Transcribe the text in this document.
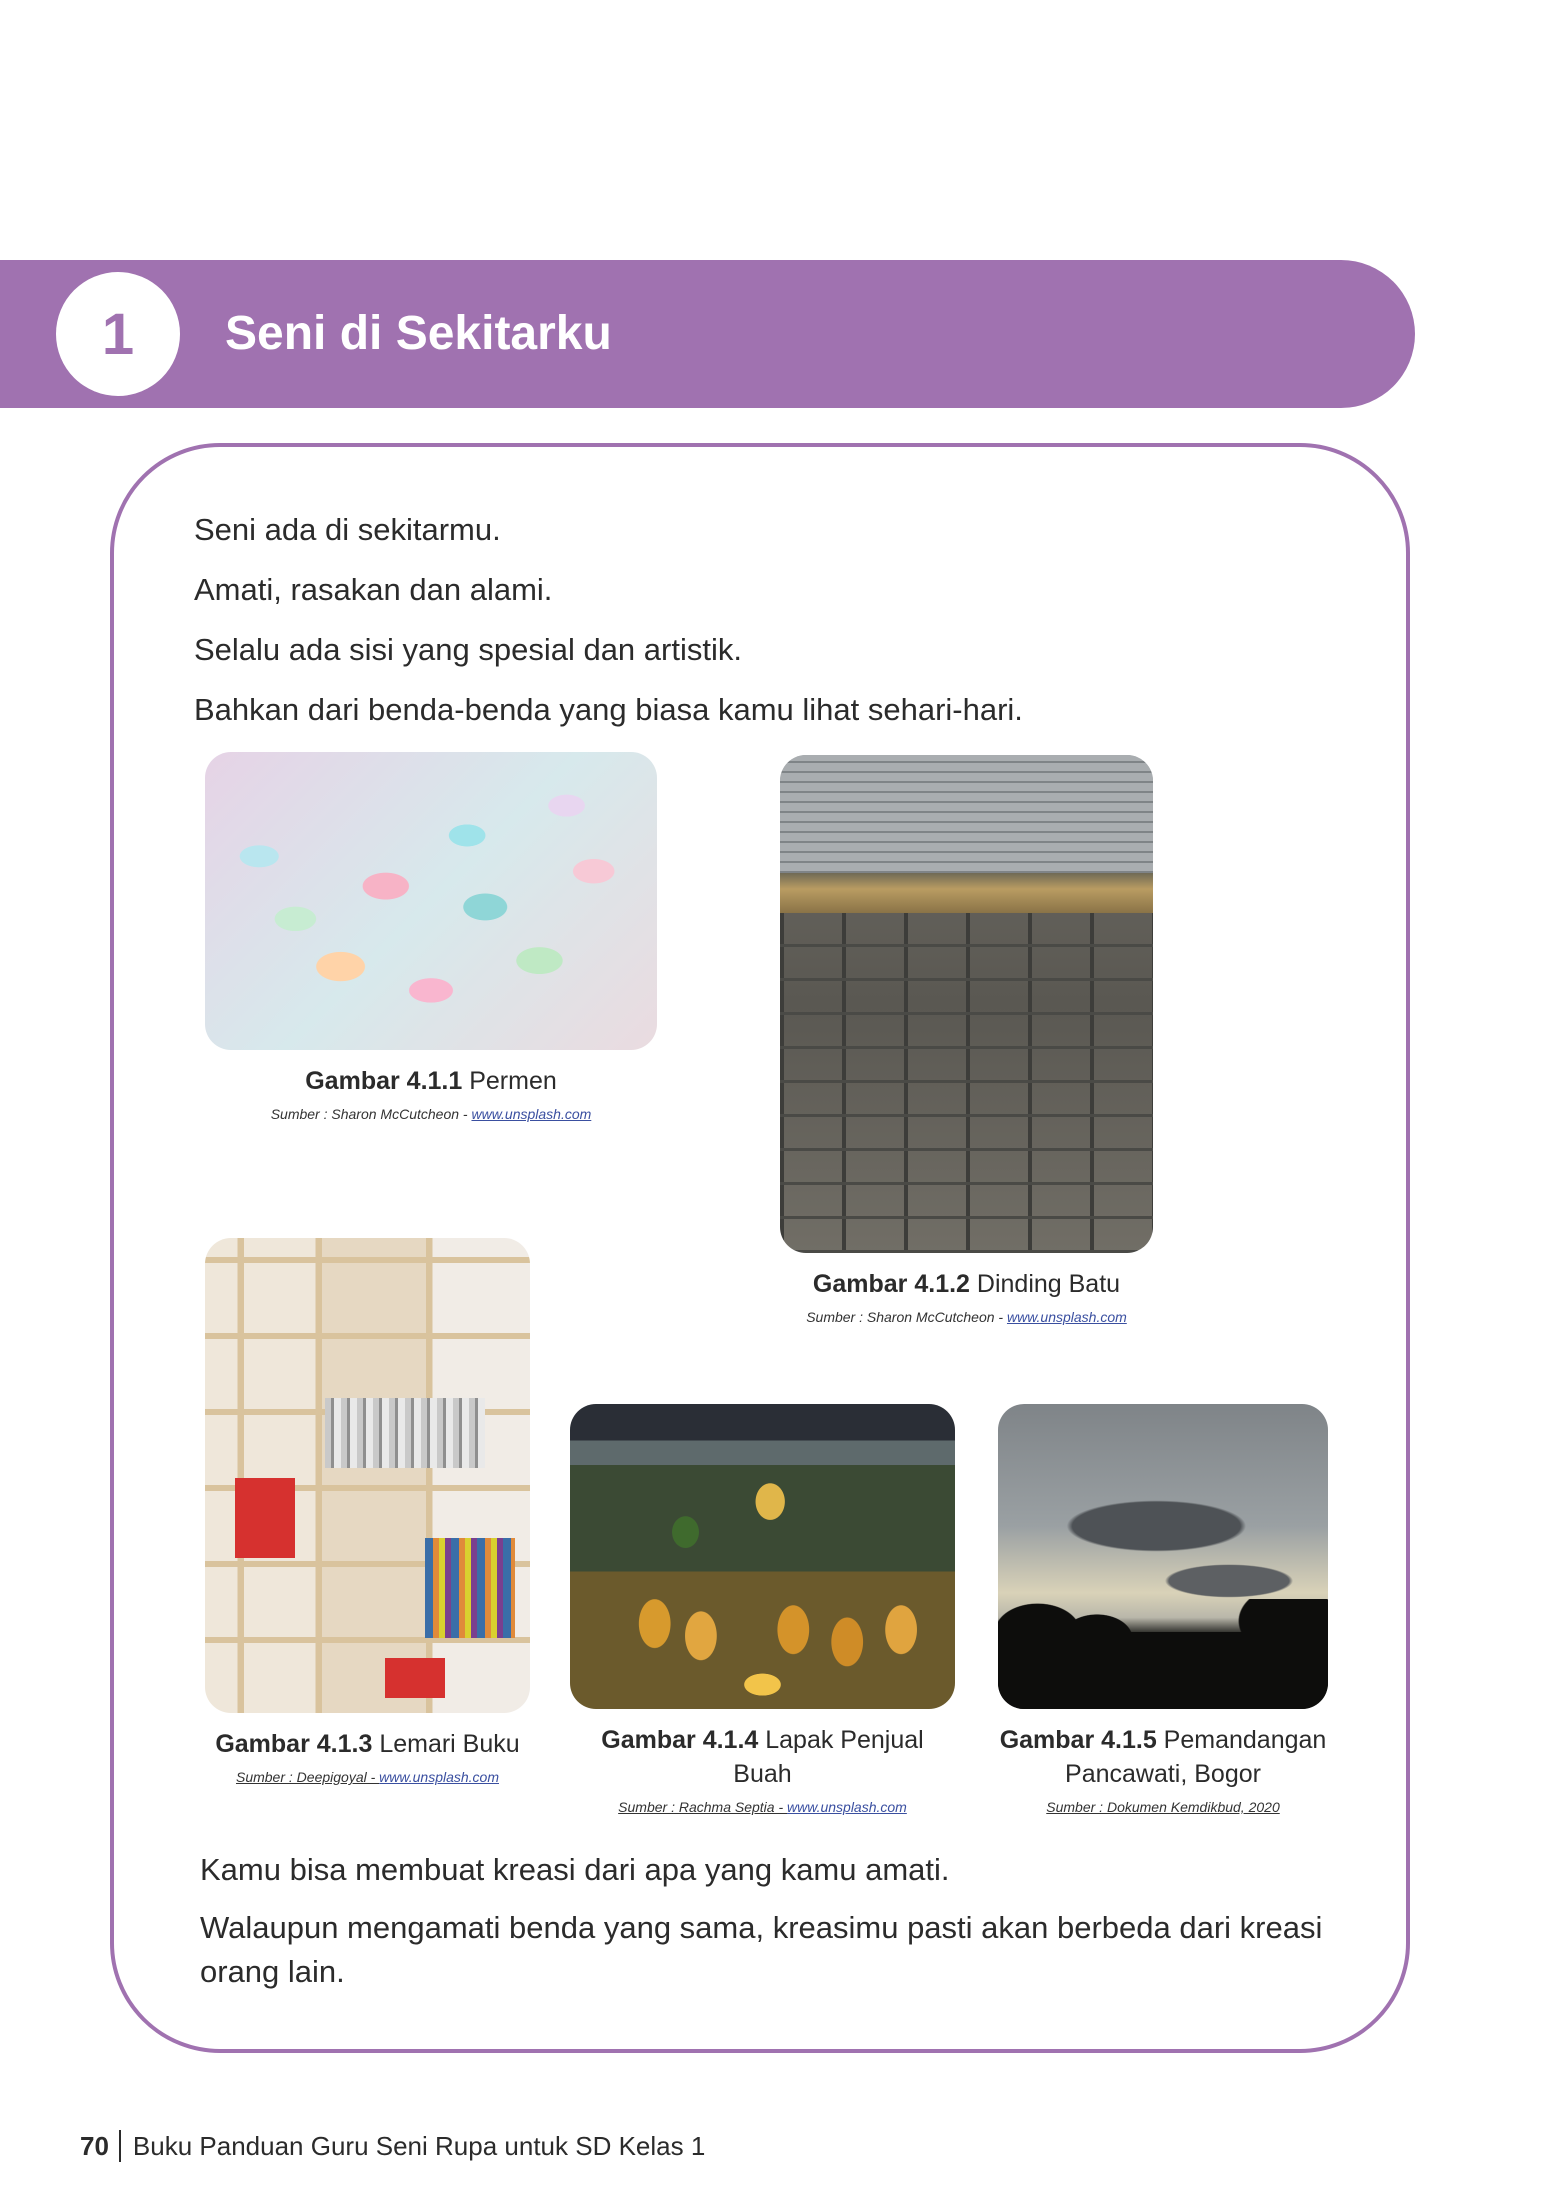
1 Seni di Sekitarku

Seni ada di sekitarmu.

Amati, rasakan dan alami.

Selalu ada sisi yang spesial dan artistik.

Bahkan dari benda-benda yang biasa kamu lihat sehari-hari.

Gambar 4.1.1 Permen
Sumber : Sharon McCutcheon - www.unsplash.com
Gambar 4.1.2 Dinding Batu
Sumber : Sharon McCutcheon - www.unsplash.com
Gambar 4.1.3 Lemari Buku
Sumber : Deepigoyal - www.unsplash.com
Gambar 4.1.4 Lapak Penjual Buah
Sumber : Rachma Septia - www.unsplash.com
Gambar 4.1.5 Pemandangan Pancawati, Bogor
Sumber : Dokumen Kemdikbud, 2020

Kamu bisa membuat kreasi dari apa yang kamu amati.

Walaupun mengamati benda yang sama, kreasimu pasti akan berbeda dari kreasi orang lain.

70 Buku Panduan Guru Seni Rupa untuk SD Kelas 1
